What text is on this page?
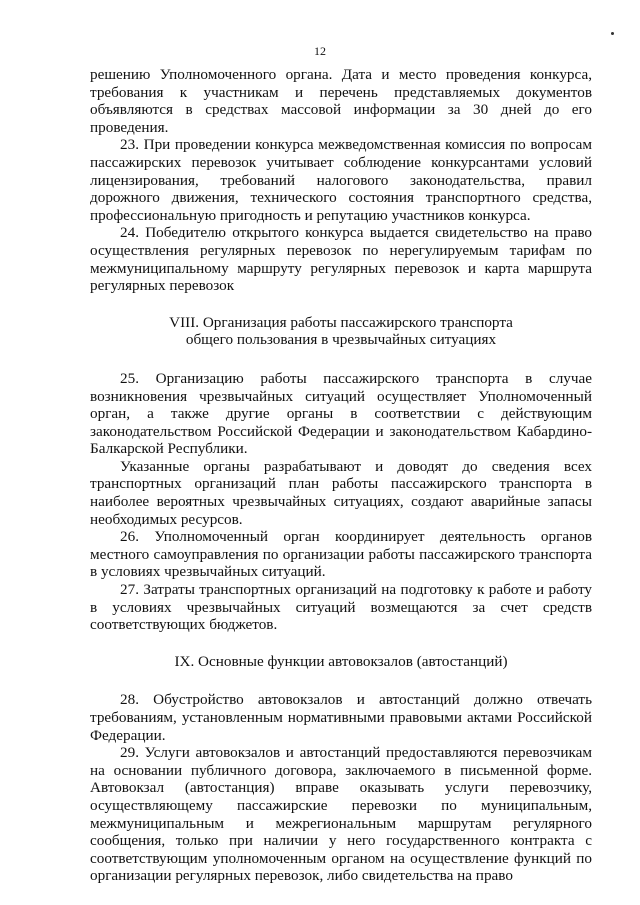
12

решению Уполномоченного органа. Дата и место проведения конкурса, требования к участникам и перечень представляемых документов объявляются в средствах массовой информации за 30 дней до его проведения.

23. При проведении конкурса межведомственная комиссия по вопросам пассажирских перевозок учитывает соблюдение конкурсантами условий лицензирования, требований налогового законодательства, правил дорожного движения, технического состояния транспортного средства, профессиональную пригодность и репутацию участников конкурса.

24. Победителю открытого конкурса выдается свидетельство на право осуществления регулярных перевозок по нерегулируемым тарифам по межмуниципальному маршруту регулярных перевозок и карта маршрута регулярных перевозок

VIII. Организация работы пассажирского транспорта

общего пользования в чрезвычайных ситуациях

25. Организацию работы пассажирского транспорта в случае возникновения чрезвычайных ситуаций осуществляет Уполномоченный орган, а также другие органы в соответствии с действующим законодательством Российской Федерации и законодательством Кабардино-Балкарской Республики.

Указанные органы разрабатывают и доводят до сведения всех транспортных организаций план работы пассажирского транспорта в наиболее вероятных чрезвычайных ситуациях, создают аварийные запасы необходимых ресурсов.

26. Уполномоченный орган координирует деятельность органов местного самоуправления по организации работы пассажирского транспорта в условиях чрезвычайных ситуаций.

27. Затраты транспортных организаций на подготовку к работе и работу в условиях чрезвычайных ситуаций возмещаются за счет средств соответствующих бюджетов.

IX. Основные функции автовокзалов (автостанций)

28. Обустройство автовокзалов и автостанций должно отвечать требованиям, установленным нормативными правовыми актами Российской Федерации.

29. Услуги автовокзалов и автостанций предоставляются перевозчикам на основании публичного договора, заключаемого в письменной форме. Автовокзал (автостанция) вправе оказывать услуги перевозчику, осуществляющему пассажирские перевозки по муниципальным, межмуниципальным и межрегиональным маршрутам регулярного сообщения, только при наличии у него государственного контракта с соответствующим уполномоченным органом на осуществление функций по организации регулярных перевозок, либо свидетельства на право
